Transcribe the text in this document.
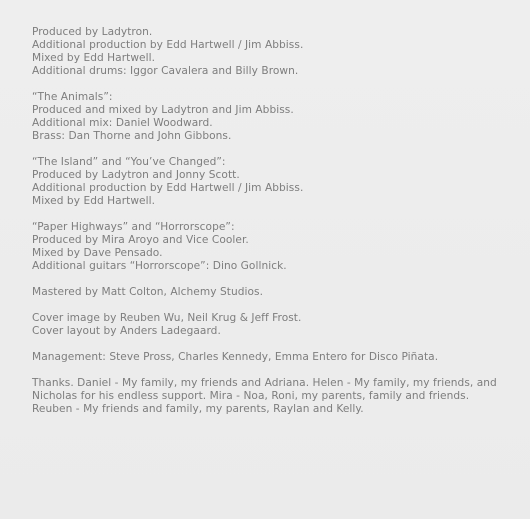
Produced by Ladytron.
Additional production by Edd Hartwell / Jim Abbiss.
Mixed by Edd Hartwell.
Additional drums: Iggor Cavalera and Billy Brown.
“The Animals”:
Produced and mixed by Ladytron and Jim Abbiss.
Additional mix: Daniel Woodward.
Brass: Dan Thorne and John Gibbons.
“The Island” and “You’ve Changed”:
Produced by Ladytron and Jonny Scott.
Additional production by Edd Hartwell / Jim Abbiss.
Mixed by Edd Hartwell.
“Paper Highways” and “Horrorscope”:
Produced by Mira Aroyo and Vice Cooler.
Mixed by Dave Pensado.
Additional guitars “Horrorscope”: Dino Gollnick.
Mastered by Matt Colton, Alchemy Studios.
Cover image by Reuben Wu, Neil Krug & Jeff Frost.
Cover layout by Anders Ladegaard.
Management: Steve Pross, Charles Kennedy, Emma Entero for Disco Piñata.
Thanks. Daniel - My family, my friends and Adriana. Helen - My family, my friends, and
Nicholas for his endless support. Mira - Noa, Roni, my parents, family and friends.
Reuben - My friends and family, my parents, Raylan and Kelly.
